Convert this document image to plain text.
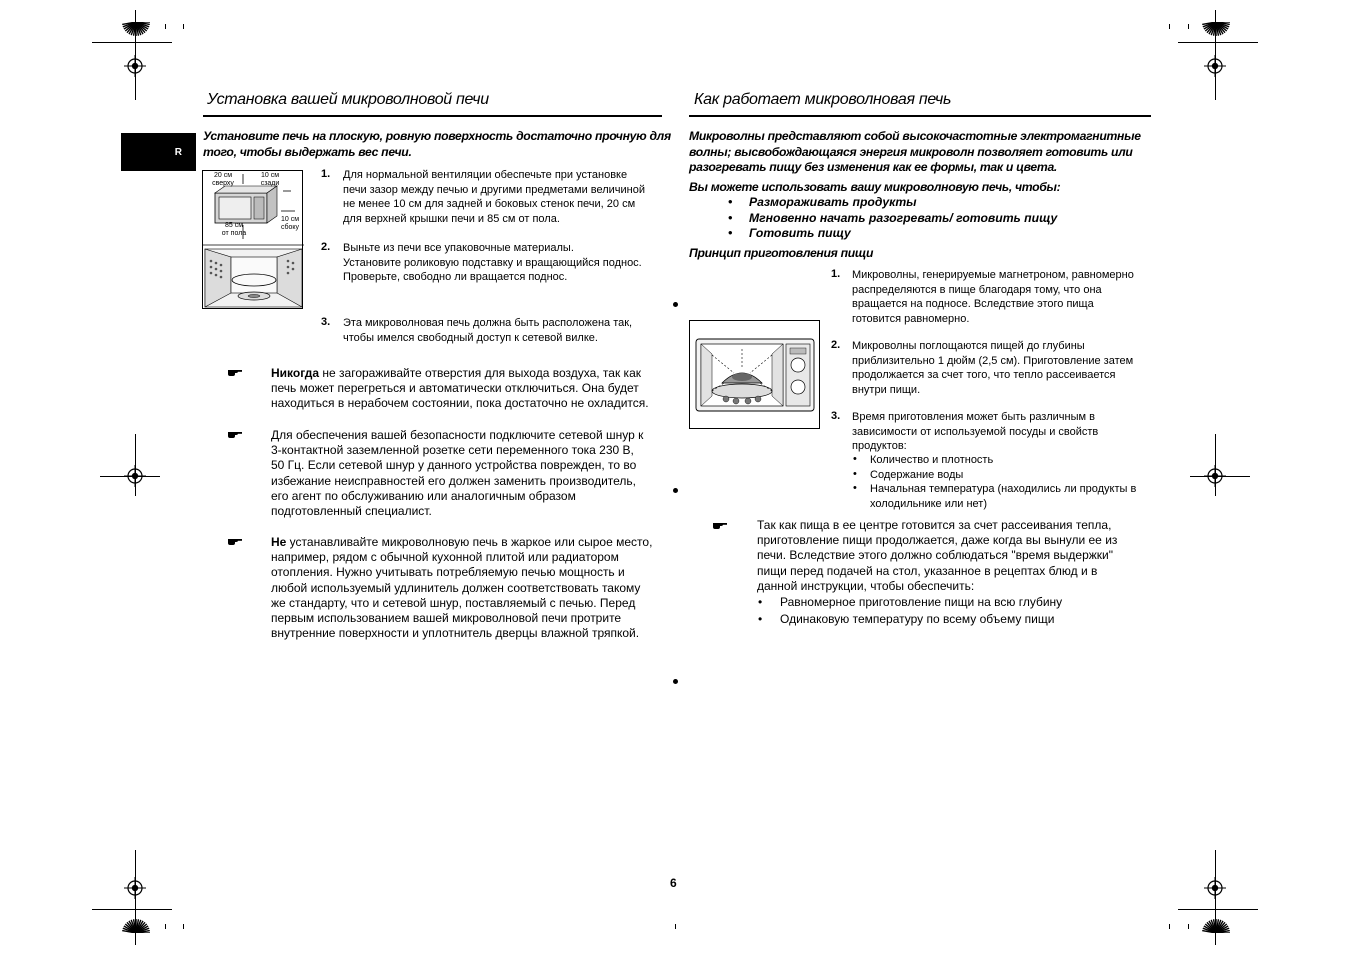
Установка вашей микроволновой печи
R
Установите печь на плоскую, ровную поверхность достаточно прочную для
того, чтобы выдержать вес печи.
20 см
сверху
10 см
сзади
10 см
сбоку
85 см
от пола
1. Для нормальной вентиляции обеспечьте при установке
печи зазор между печью и другими предметами величиной
не менее 10 см для задней и боковых стенок печи, 20 см
для верхней крышки печи и 85 см от пола.
2. Выньте из печи все упаковочные материалы.
Установите роликовую подставку и вращающийся поднос.
Проверьте, свободно ли вращается поднос.
3. Эта микроволновая печь должна быть расположена так,
чтобы имелся свободный доступ к сетевой вилке.
Никогда не загораживайте отверстия для выхода воздуха, так как
печь может перегреться и автоматически отключиться. Она будет
находиться в нерабочем состоянии, пока достаточно не охладится.
Для обеспечения вашей безопасности подключите сетевой шнур к
3-контактной заземленной розетке сети переменного тока 230 В,
50 Гц. Если сетевой шнур у данного устройства поврежден, то во
избежание неисправностей его должен заменить производитель,
его агент по обслуживанию или аналогичным образом
подготовленный специалист.
Не устанавливайте микроволновую печь в жаркое или сырое место,
например, рядом с обычной кухонной плитой или радиатором
отопления. Нужно учитывать потребляемую печью мощность и
любой используемый удлинитель должен соответствовать такому
же стандарту, что и сетевой шнур, поставляемый с печью. Перед
первым использованием вашей микроволновой печи протрите
внутренние поверхности и уплотнитель дверцы влажной тряпкой.
6
Как работает микроволновая печь
Микроволны представляют собой высокочастотные электромагнитные
волны; высвобождающаяся энергия микроволн позволяет готовить или
разогревать пищу без изменения как ее формы, так и цвета.
Вы можете использовать вашу микроволновую печь, чтобы:
• Размораживать продукты
• Мгновенно начать разогревать/ готовить пищу
• Готовить пищу
Принцип приготовления пищи
1. Микроволны, генерируемые магнетроном, равномерно
распределяются в пище благодаря тому, что она
вращается на подносе. Вследствие этого пища
готовится равномерно.
2. Микроволны поглощаются пищей до глубины
приблизительно 1 дюйм (2,5 см). Приготовление затем
продолжается за счет того, что тепло рассеивается
внутри пищи.
3. Время приготовления может быть различным в
зависимости от используемой посуды и свойств
продуктов:
• Количество и плотность
• Содержание воды
• Начальная температура (находились ли продукты в
холодильнике или нет)
Так как пища в ее центре готовится за счет рассеивания тепла,
приготовление пищи продолжается, даже когда вы вынули ее из
печи. Вследствие этого должно соблюдаться "время выдержки"
пищи перед подачей на стол, указанное в рецептах блюд и в
данной инструкции, чтобы обеспечить:
• Равномерное приготовление пищи на всю глубину
• Одинаковую температуру по всему объему пищи
